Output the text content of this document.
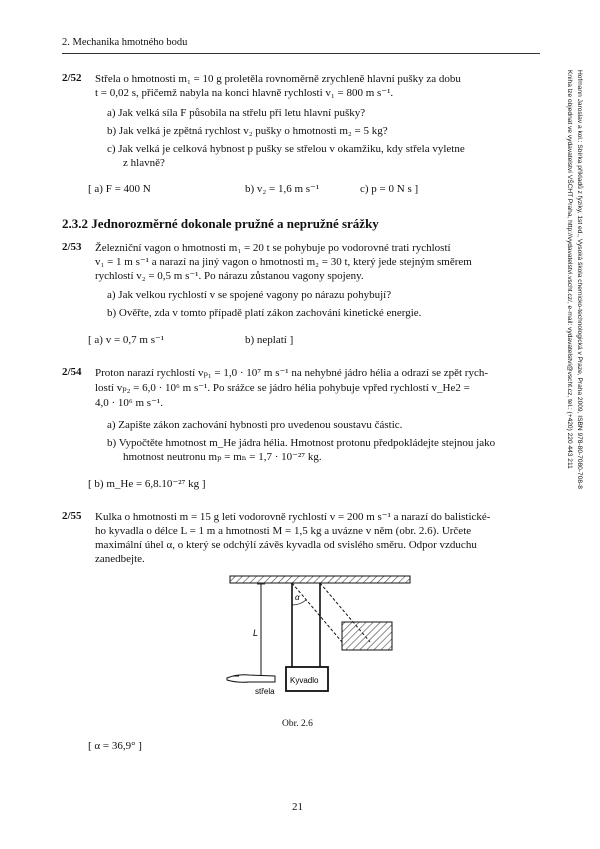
2. Mechanika hmotného bodu
Hofmann Jaroslav a kol.: Sbírka příkladů z fyziky, 1st ed., Vysoká škola chemicko-technologická v Praze, Praha 2009, ISBN 978-80-7080-708-8
Kniha lze objednat ve vydavatelství VŠCHT Praha, http://vydavatelstvi.vscht.cz/, e-mail: vydavatelstvi@vscht.cz, tel.: (+420) 220 443 211
2/52 Střela o hmotnosti m₁ = 10 g proletěla rovnoměrně zrychleně hlavní pušky za dobu
t = 0,02 s, přičemž nabyla na konci hlavně rychlosti v₁ = 800 m s⁻¹.
a) Jak velká síla F působila na střelu při letu hlavní pušky?
b) Jak velká je zpětná rychlost v₂ pušky o hmotnosti m₂ = 5 kg?
c) Jak velká je celková hybnost p pušky se střelou v okamžiku, kdy střela vyletne
z hlavně?
[ a) F = 400 N	b) v₂ = 1,6 m s⁻¹	c) p = 0 N s ]
2.3.2 Jednorozměrné dokonale pružné a nepružné srážky
2/53 Železniční vagon o hmotnosti m₁ = 20 t se pohybuje po vodorovné trati rychlostí
v₁ = 1 m s⁻¹ a narazí na jiný vagon o hmotnosti m₂ = 30 t, který jede stejným směrem
rychlostí v₂ = 0,5 m s⁻¹. Po nárazu zůstanou vagony spojeny.
a) Jak velkou rychlostí v se spojené vagony po nárazu pohybují?
b) Ověřte, zda v tomto případě platí zákon zachování kinetické energie.
[ a) v = 0,7 m s⁻¹	b) neplatí ]
2/54 Proton narazí rychlostí vₚ₁ = 1,0 · 10⁷ m s⁻¹ na nehybné jádro hélia a odrazí se zpět rych-
lostí vₚ₂ = 6,0 · 10⁶ m s⁻¹. Po srážce se jádro hélia pohybuje vpřed rychlostí v_He2 =
4,0 · 10⁶ m s⁻¹.
a) Zapište zákon zachování hybnosti pro uvedenou soustavu částic.
b) Vypočtěte hmotnost m_He jádra hélia. Hmotnost protonu předpokládejte stejnou jako
hmotnost neutronu mₚ = mₙ = 1,7 · 10⁻²⁷ kg.
[ b) m_He = 6,8.10⁻²⁷ kg ]
2/55 Kulka o hmotnosti m = 15 g letí vodorovně rychlostí v = 200 m s⁻¹ a narazí do balistické-
ho kyvadla o délce L = 1 m a hmotnosti M = 1,5 kg a uvázne v něm (obr. 2.6). Určete
maximální úhel α, o který se odchýlí závěs kyvadla od svislého směru. Odpor vzduchu
zanedbejte.
L
α
Kyvadlo
střela
Obr. 2.6
[ α = 36,9° ]
21
